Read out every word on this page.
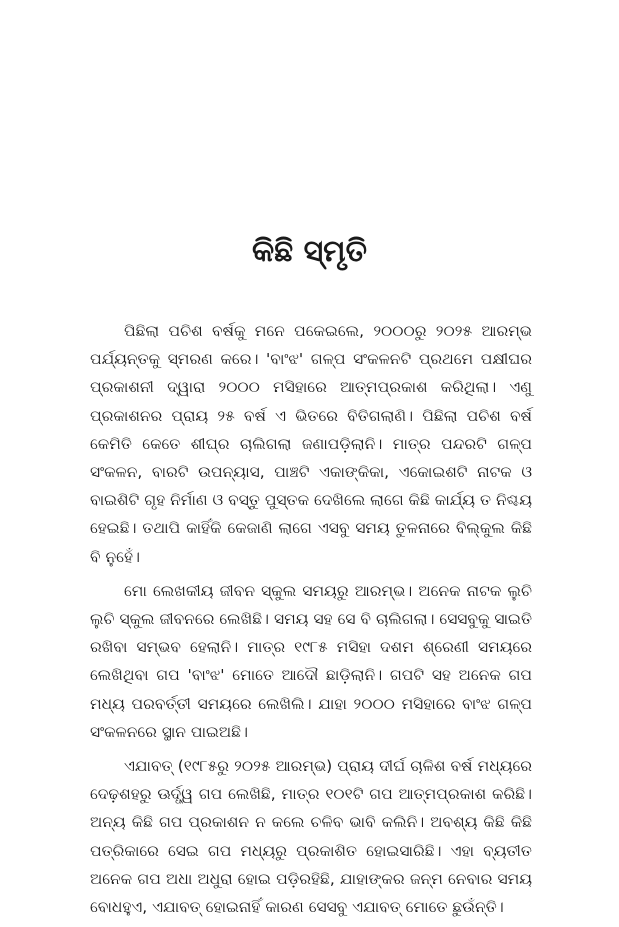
କିଛି ସ୍ମୃତି

ପିଛିଲା ପଚିଶ ବର୍ଷକୁ ମନେ ପକେଇଲେ, ୨୦୦୦ରୁ ୨୦୨୫ ଆରମ୍ଭ ପର୍ଯ୍ୟନ୍ତକୁ ସ୍ମରଣ କରେ। 'ବାଂଝ' ଗଳ୍ପ ସଂକଳନଟି ପ୍ରଥମେ ପକ୍ଷୀଘର ପ୍ରକାଶନୀ ଦ୍ୱାରା ୨୦୦୦ ମସିହାରେ ଆତ୍ମପ୍ରକାଶ କରିଥିଲା। ଏଣୁ ପ୍ରକାଶନର ପ୍ରାୟ ୨୫ ବର୍ଷ ଏ ଭିତରେ ବିତିଗଲାଣି। ପିଛିଲା ପଚିଶ ବର୍ଷ କେମିତି କେତେ ଶୀଘ୍ର ଚାଲିଗଲା ଜଣାପଡ଼ିଲାନି। ମାତ୍ର ପନ୍ଦରଟି ଗଳ୍ପ ସଂକଳନ, ବାରଟି ଉପନ୍ୟାସ, ପାଞ୍ଚଟି ଏକାଙ୍କିକା, ଏକୋଇଶଟି ନାଟକ ଓ ବାଇଶିଟି ଗୃହ ନିର୍ମାଣ ଓ ବସ୍ତୁ ପୁସ୍ତକ ଦେଖିଲେ ଲାଗେ କିଛି କାର୍ଯ୍ୟ ତ ନିଶ୍ଚୟ ହେଇଛି। ତଥାପି କାହିଁକି କେଜାଣି ଲାଗେ ଏସବୁ ସମୟ ତୁଳନାରେ ବିଲ୍‌କୁଲ କିଛି ବି ନୁହେଁ।

ମୋ ଲେଖକୀୟ ଜୀବନ ସ୍କୁଲ ସମୟରୁ ଆରମ୍ଭ। ଅନେକ ନାଟକ ଲୁଚି ଲୁଚି ସ୍କୁଲ ଜୀବନରେ ଲେଖିଛି। ସମୟ ସହ ସେ ବି ଚାଲିଗଲା। ସେସବୁକୁ ସାଇତି ରଖିବା ସମ୍ଭବ ହେଲାନି। ମାତ୍ର ୧୯୮୫ ମସିହା ଦଶମ ଶ୍ରେଣୀ ସମୟରେ ଲେଖିଥିବା ଗପ 'ବାଂଝ' ମୋତେ ଆଦୌ ଛାଡ଼ିଲାନି। ଗପଟି ସହ ଅନେକ ଗପ ମଧ୍ୟ ପରବର୍ତ୍ତୀ ସମୟରେ ଲେଖିଲି। ଯାହା ୨୦୦୦ ମସିହାରେ ବାଂଝ ଗଳ୍ପ ସଂକଳନରେ ସ୍ଥାନ ପାଇଅଛି।

ଏଯାବତ୍ (୧୯୮୫ରୁ ୨୦୨୫ ଆରମ୍ଭ) ପ୍ରାୟ ଦୀର୍ଘ ଚାଳିଶ ବର୍ଷ ମଧ୍ୟରେ ଦେଢ଼ଶହରୁ ଊର୍ଦ୍ଧ୍ୱ ଗପ ଲେଖିଛି, ମାତ୍ର ୧୦୧ଟି ଗପ ଆତ୍ମପ୍ରକାଶ କରିଛି। ଅନ୍ୟ କିଛି ଗପ ପ୍ରକାଶନ ନ କଲେ ଚଳିବ ଭାବି କଲିନି। ଅବଶ୍ୟ କିଛି କିଛି ପତ୍ରିକାରେ ସେଇ ଗପ ମଧ୍ୟରୁ ପ୍ରକାଶିତ ହୋଇସାରିଛି। ଏହା ବ୍ୟତୀତ ଅନେକ ଗପ ଅଧା ଅଧୁରା ହୋଇ ପଡ଼ିରହିଛି, ଯାହାଙ୍କର ଜନ୍ମ ନେବାର ସମୟ ବୋଧହୁଏ, ଏଯାବତ୍ ହୋଇନାହିଁ କାରଣ ସେସବୁ ଏଯାବତ୍ ମୋତେ ଛୁଉଁନ୍ତି।
